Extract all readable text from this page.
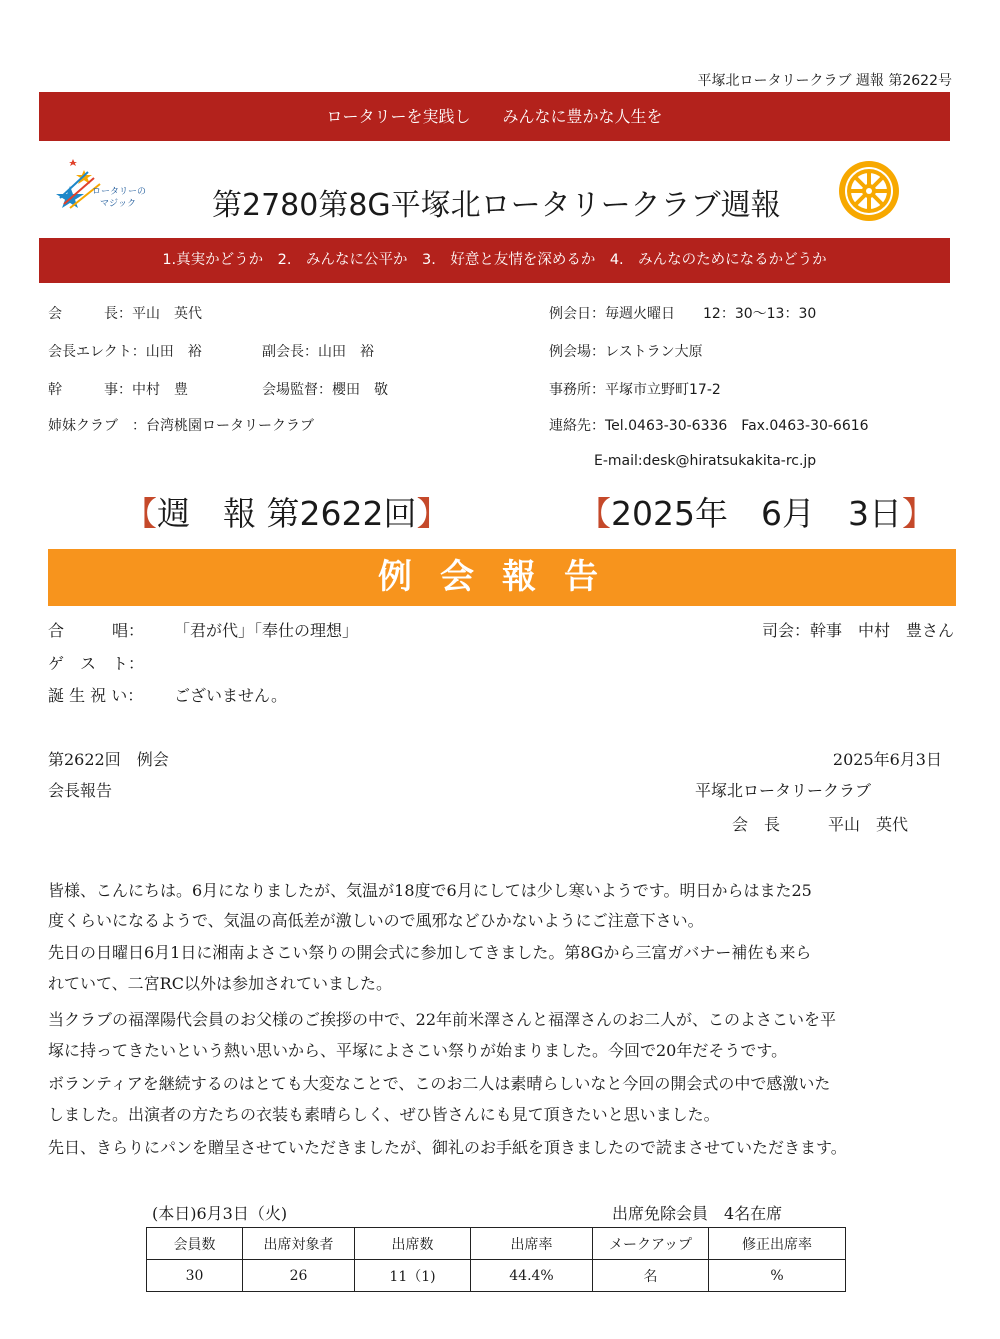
平塚北ロータリークラブ 週報 第2622号
ロータリーを実践し　　みんなに豊かな人生を
ロータリーの
マジック	第2780第8G平塚北ロータリークラブ週報
1.真実かどうか　2.　みんなに公平か　3.　好意と友情を深めるか　4.　みんなのためになるかどうか
会　　　長：平山　英代
会長エレクト：山田　裕	副会長：山田　裕
幹　　　事：中村　豊	会場監督：櫻田　敬
姉妹クラブ　：台湾桃園ロータリークラブ
例会日：毎週火曜日　　12：30～13：30
例会場：レストラン大原
事務所：平塚市立野町17-2
連絡先：Tel.0463-30-6336　Fax.0463-30-6616
E-mail:desk@hiratsukakita-rc.jp
【週　報 第2622回】	【2025年　6月　3日】
例会報告
合　　　唱： 「君が代」「奉仕の理想」	司会：幹事　中村　豊さん
ゲ　ス　ト：
誕 生 祝 い： ございません。
第2622回　例会	2025年6月3日
会長報告	平塚北ロータリークラブ
会　長　　　平山　英代
皆様、こんにちは。6月になりましたが、気温が18度で6月にしては少し寒いようです。明日からはまた25
度くらいになるようで、気温の高低差が激しいので風邪などひかないようにご注意下さい。
先日の日曜日6月1日に湘南よさこい祭りの開会式に参加してきました。第8Gから三富ガバナー補佐も来ら
れていて、二宮RC以外は参加されていました。
当クラブの福澤陽代会員のお父様のご挨拶の中で、22年前米澤さんと福澤さんのお二人が、このよさこいを平
塚に持ってきたいという熱い思いから、平塚によさこい祭りが始まりました。今回で20年だそうです。
ボランティアを継続するのはとても大変なことで、このお二人は素晴らしいなと今回の開会式の中で感激いた
しました。出演者の方たちの衣装も素晴らしく、ぜひ皆さんにも見て頂きたいと思いました。
先日、きらりにパンを贈呈させていただきましたが、御礼のお手紙を頂きましたので読まさせていただきます。
(本日)6月3日（火)	出席免除会員　4名在席
会員数	出席対象者	出席数	出席率	メークアップ	修正出席率
30	26	11（1)	44.4%	名	%
